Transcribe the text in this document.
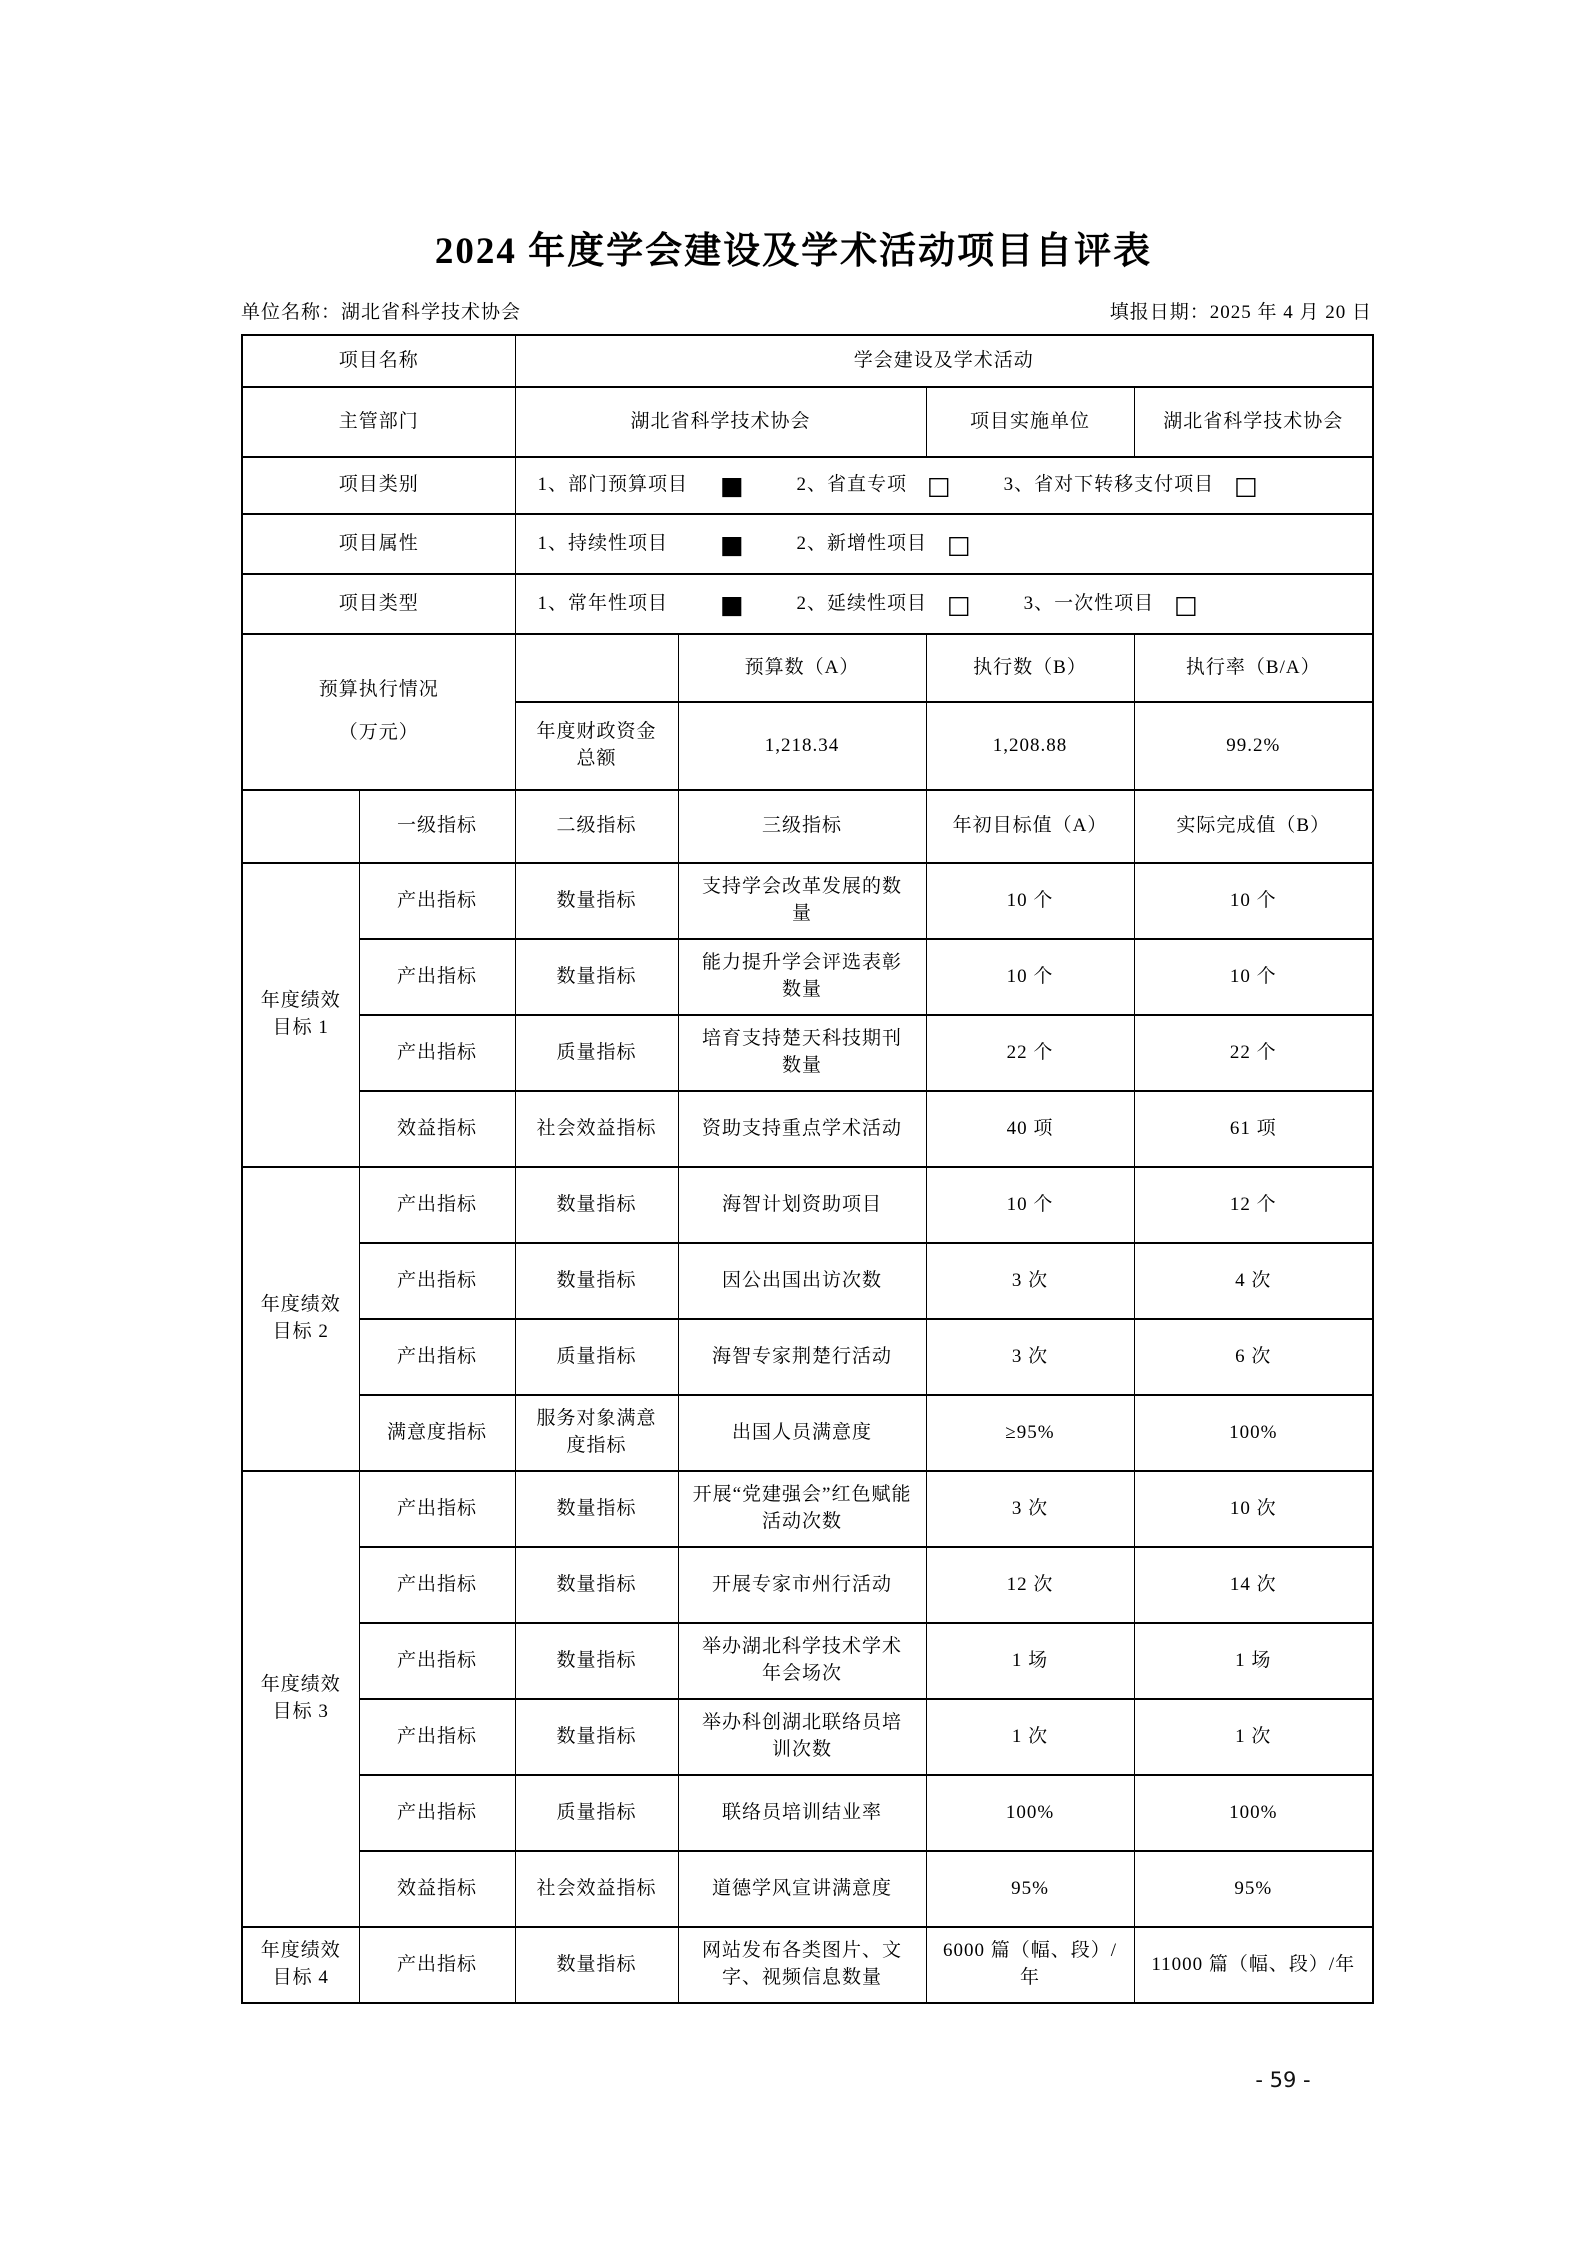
2024 年度学会建设及学术活动项目自评表
单位名称：湖北省科学技术协会	填报日期：2025 年 4 月 20 日
项目名称		学会建设及学术活动			
主管部门		湖北省科学技术协会		项目实施单位	湖北省科学技术协会
项目类别	1、部门预算项目 ■	2、省直专项 □	3、省对下转移支付项目 □

项目属性		1、持续性项目 ■ 2、新增性项目 □			

项目类型	1、常年性项目 ■	2、延续性项目 □	3、一次性项目 □

预算执行情况
（万元）			预算数（A）	执行数（B）	执行率（B/A）
		年度财政资金总额	1,218.34	1,208.88	99.2%
	一级指标	二级指标	三级指标	年初目标值（A）	实际完成值（B）

年度绩效目标 1	产出指标	数量指标	支持学会改革发展的数量	10 个	10 个
	产出指标	数量指标	能力提升学会评选表彰数量	10 个	10 个
	产出指标	质量指标	培育支持楚天科技期刊数量	22 个	22 个
	效益指标	社会效益指标	资助支持重点学术活动	40 项	61 项

年度绩效目标 2	产出指标	数量指标	海智计划资助项目	10 个	12 个
	产出指标	数量指标	因公出国出访次数	3 次	4 次
	产出指标	质量指标	海智专家荆楚行活动	3 次	6 次
	满意度指标	服务对象满意度指标	出国人员满意度	≥95%	100%

年度绩效目标 3	产出指标	数量指标	开展“党建强会”红色赋能活动次数	3 次	10 次
	产出指标	数量指标	开展专家市州行活动	12 次	14 次
	产出指标	数量指标	举办湖北科学技术学术年会场次	1 场	1 场
	产出指标	数量指标	举办科创湖北联络员培训次数	1 次	1 次
	产出指标	质量指标	联络员培训结业率	100%	100%
	效益指标	社会效益指标	道德学风宣讲满意度	95%	95%

年度绩效目标 4	产出指标	数量指标	网站发布各类图片、文字、视频信息数量	6000 篇（幅、段）/年	11000 篇（幅、段）/年
- 59 -
